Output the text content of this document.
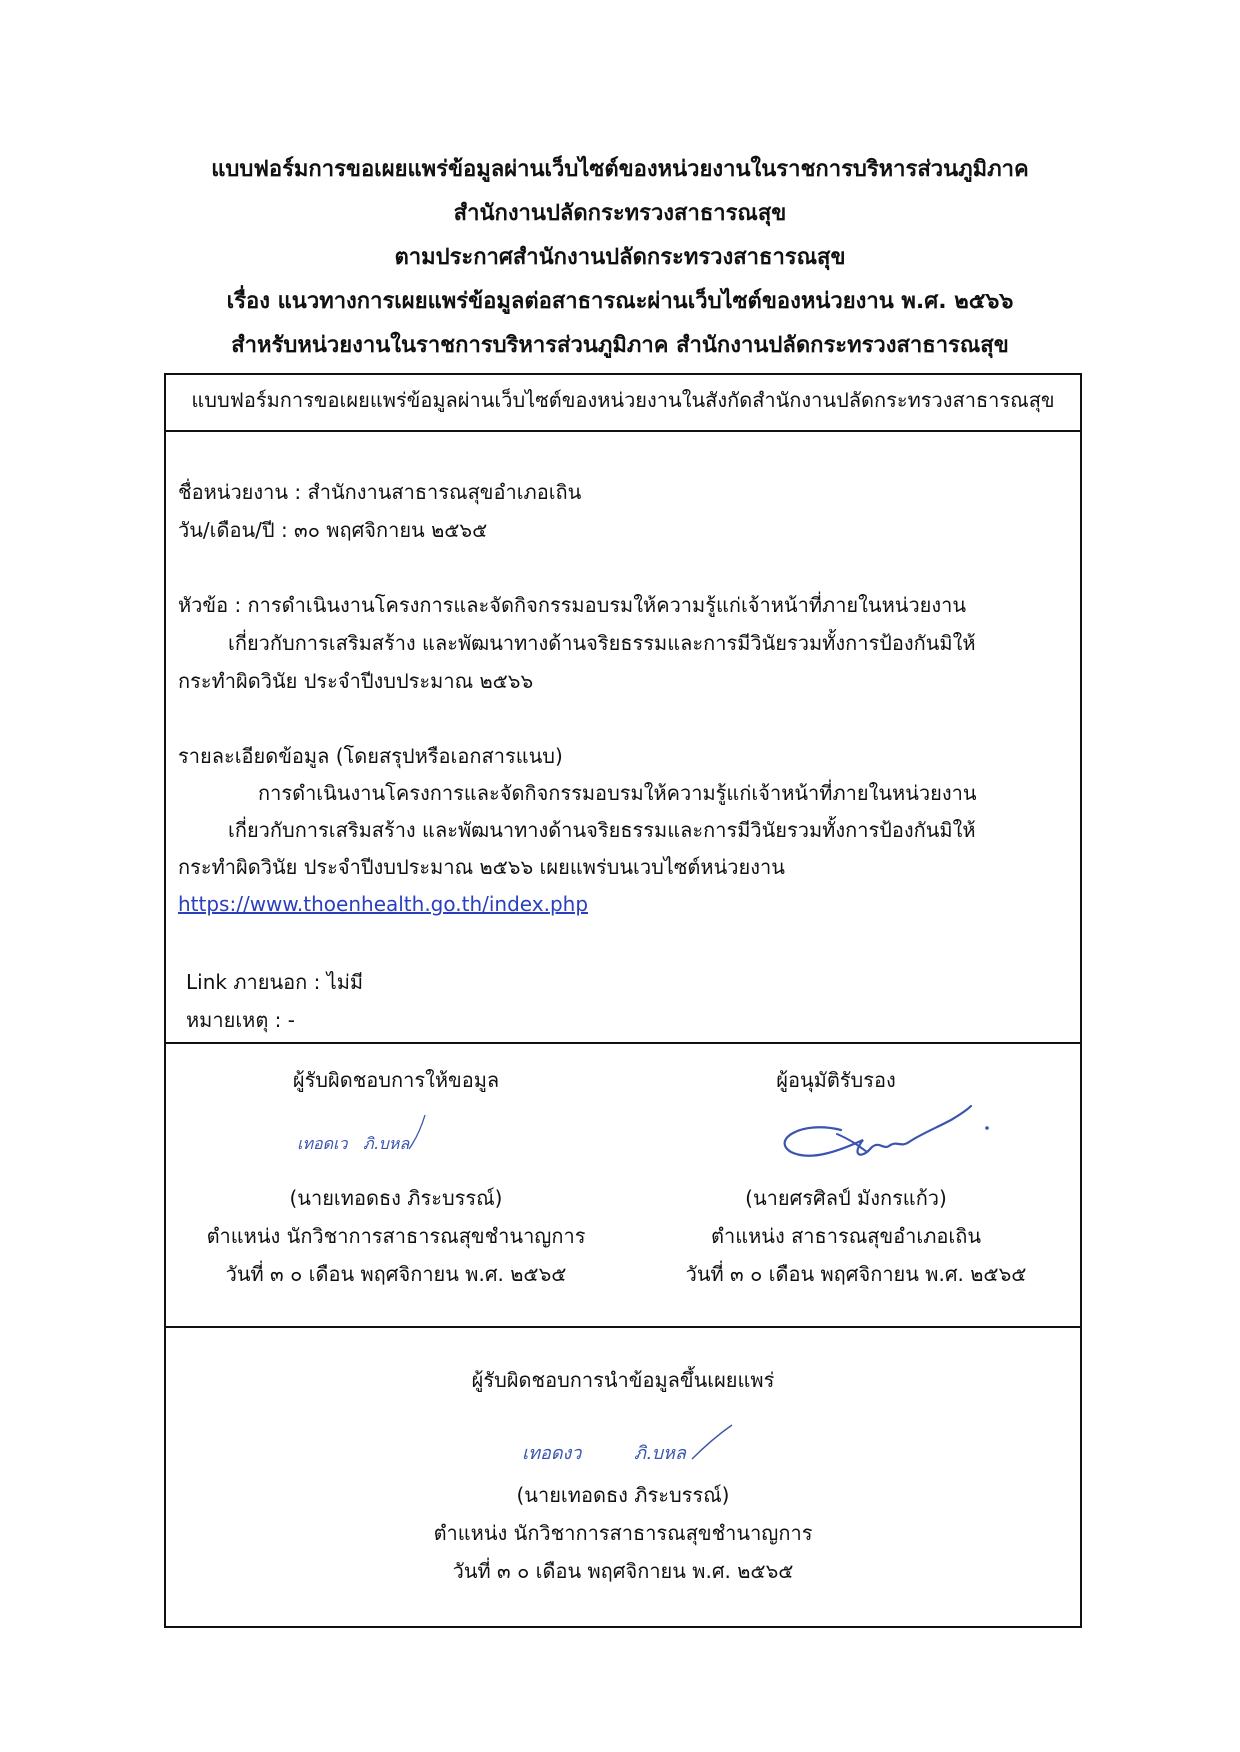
แบบฟอร์มการขอเผยแพร่ข้อมูลผ่านเว็บไซต์ของหน่วยงานในราชการบริหารส่วนภูมิภาค
สำนักงานปลัดกระทรวงสาธารณสุข
ตามประกาศสำนักงานปลัดกระทรวงสาธารณสุข
เรื่อง แนวทางการเผยแพร่ข้อมูลต่อสาธารณะผ่านเว็บไซต์ของหน่วยงาน พ.ศ. ๒๕๖๖
สำหรับหน่วยงานในราชการบริหารส่วนภูมิภาค สำนักงานปลัดกระทรวงสาธารณสุข
แบบฟอร์มการขอเผยแพร่ข้อมูลผ่านเว็บไซต์ของหน่วยงานในสังกัดสำนักงานปลัดกระทรวงสาธารณสุข
ชื่อหน่วยงาน : สำนักงานสาธารณสุขอำเภอเถิน
วัน/เดือน/ปี : ๓๐ พฤศจิกายน ๒๕๖๕
หัวข้อ : การดำเนินงานโครงการและจัดกิจกรรมอบรมให้ความรู้แก่เจ้าหน้าที่ภายในหน่วยงาน
เกี่ยวกับการเสริมสร้าง และพัฒนาทางด้านจริยธรรมและการมีวินัยรวมทั้งการป้องกันมิให้
กระทำผิดวินัย ประจำปีงบประมาณ ๒๕๖๖
รายละเอียดข้อมูล (โดยสรุปหรือเอกสารแนบ)
การดำเนินงานโครงการและจัดกิจกรรมอบรมให้ความรู้แก่เจ้าหน้าที่ภายในหน่วยงาน
เกี่ยวกับการเสริมสร้าง และพัฒนาทางด้านจริยธรรมและการมีวินัยรวมทั้งการป้องกันมิให้
กระทำผิดวินัย ประจำปีงบประมาณ ๒๕๖๖ เผยแพร่บนเวบไซต์หน่วยงาน
https://www.thoenhealth.go.th/index.php
Link ภายนอก : ไม่มี
หมายเหตุ : -
ผู้รับผิดชอบการให้ขอมูล
เทอดเว ภิ.บหล
(นายเทอดธง ภิระบรรณ์)
ตำแหน่ง นักวิชาการสาธารณสุขชำนาญการ
วันที่ ๓ ๐ เดือน พฤศจิกายน พ.ศ. ๒๕๖๕
ผู้อนุมัติรับรอง
(นายศรศิลป์ มังกรแก้ว)
ตำแหน่ง สาธารณสุขอำเภอเถิน
วันที่ ๓ ๐ เดือน พฤศจิกายน พ.ศ. ๒๕๖๕
ผู้รับผิดชอบการนำข้อมูลขึ้นเผยแพร่
เทอดงว	ภิ.บหล
(นายเทอดธง ภิระบรรณ์)
ตำแหน่ง นักวิชาการสาธารณสุขชำนาญการ
วันที่ ๓ ๐ เดือน พฤศจิกายน พ.ศ. ๒๕๖๕
